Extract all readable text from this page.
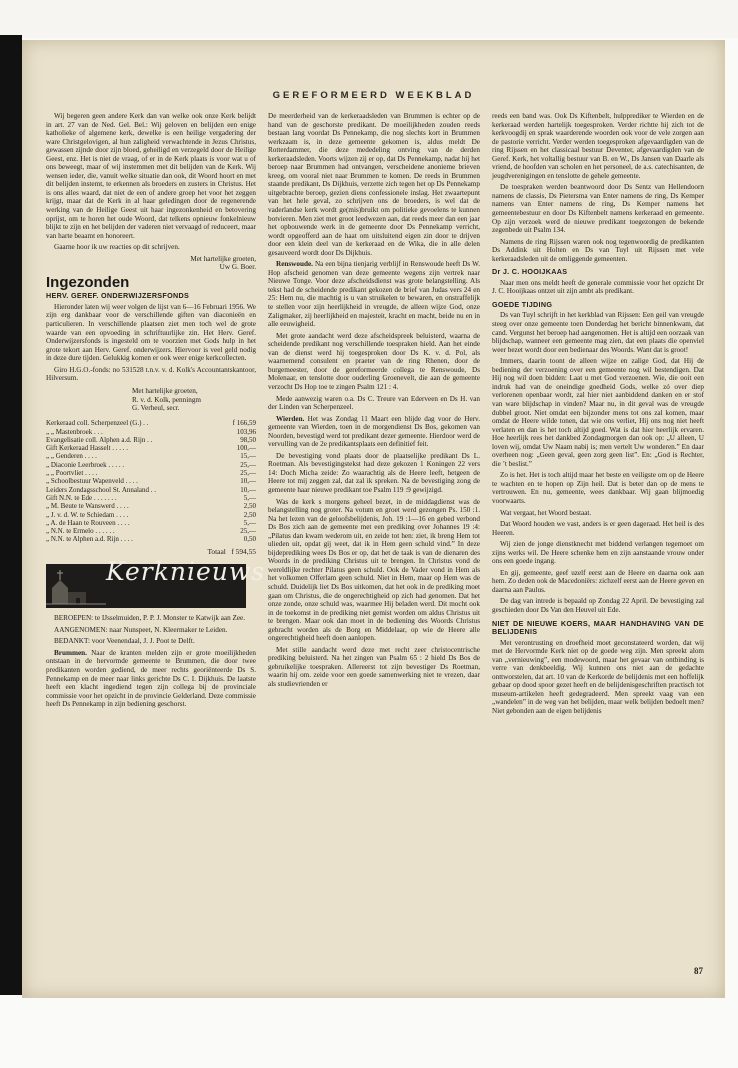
GEREFORMEERD WEEKBLAD

Wij begeren geen andere Kerk dan van welke ook onze Kerk belijdt in art. 27 van de Ned. Gel. Bel.: Wij geloven en belijden een enige katholieke of algemene kerk, dewelke is een heilige vergadering der ware Christgelovigen, al hun zaligheid verwachtende in Jezus Christus, gewassen zijnde door zijn bloed, geheiligd en verzegeld door de Heilige Geest, enz. Het is niet de vraag, of er in de Kerk plaats is voor wat u of ons beweegt, maar of wij instemmen met dit belijden van de Kerk. Wij wensen ieder, die, vanuit welke situatie dan ook, dit Woord hoort en met dit belijden instemt, te erkennen als broeders en zusters in Christus. Het is ons alles waard, dat niet de een of andere groep het voor het zeggen krijgt, maar dat de Kerk in al haar geledingen door de regenerende werking van de Heilige Geest uit haar ingezonkenheid en betovering oprijst, om te horen het oude Woord, dat telkens opnieuw fonkelnieuw blijkt te zijn en het belijden der vaderen niet vervaagd of reduceert, maar van harte beaamt en honoreert.

Gaarne hoor ik uw reacties op dit schrijven.

Met hartelijke groeten,
Uw G. Boer.
Ingezonden
HERV. GEREF. ONDERWIJZERSFONDS

Hieronder laten wij weer volgen de lijst van 6—16 Februari 1956. We zijn erg dankbaar voor de verschillende giften van diaconieën en particulieren. In verschillende plaatsen ziet men toch wel de grote waarde van een opvoeding in schriftuurlijke zin. Het Herv. Geref. Onderwijzersfonds is ingesteld om te voorzien met Gods hulp in het grote tekort aan Herv. Geref. onderwijzers. Hiervoor is veel geld nodig in deze dure tijden. Gelukkig komen er ook weer enige kerkcollecten.

Giro H.G.O.-fonds: no 531528 t.n.v. v. d. Kolk's Accountantskantoor, Hilversum.

Met hartelijke groeten,
R. v. d. Kolk, penningm
G. Verheul, secr.
Kerkeraad coll. Scherpenzeel (G.) . .	f 166,59
„ „ Mastenbroek . . .	103,96
Evangelisatie coll. Alphen a.d. Rijn . .	98,50
Gift Kerkeraad Hasselt . . . . .	100,—
„ „ Genderen . . . .	15,—
„ Diaconie Leerbroek . . . . .	25,—
„ „ Poortvliet . . . .	25,—
„ Schoolbestuur Wapenveld . . . .	10,—
Leiders Zondagsschool St. Annaland . .	10,—
Gift N.N. te Ede . . . . . . .	5,—
„ M. Beute te Wanswerd . . . .	2,50
„ J. v. d. W. te Schiedam . . . .	2,50
„ A. de Haan te Rouveen . . . .	5,—
„ N.N. te Ermelo . . . . . .	25,—
„ N.N. te Alphen a.d. Rijn . . . .	0,50
Totaal f 594,55
Kerknieuws

BEROEPEN: te IJsselmuiden, P. P. J. Monster te Katwijk aan Zee.

AANGENOMEN: naar Nunspeet, N. Kleermaker te Leiden.

BEDANKT: voor Veenendaal, J. J. Poot te Delft.

Brummen. Naar de kranten melden zijn er grote moeilijkheden ontstaan in de hervormde gemeente te Brummen, die door twee predikanten worden gediend, de meer rechts georiënteerde Ds S. Pennekamp en de meer naar links gerichte Ds C. I. Dijkhuis. De laatste heeft een klacht ingediend tegen zijn collega bij de provinciale commissie voor het opzicht in de provincie Gelderland. Deze commissie heeft Ds Pennekamp in zijn bediening geschorst.

De meerderheid van de kerkeraadsleden van Brummen is echter op de hand van de geschorste predikant. De moeilijkheden zouden reeds bestaan lang voordat Ds Pennekamp, die nog slechts kort in Brummen werkzaam is, in deze gemeente gekomen is, aldus meldt De Rotterdammer, die deze mededeling ontving van de derden kerkeraadsleden. Voorts wijzen zij er op, dat Ds Pennekamp, nadat hij het beroep naar Brummen had ontvangen, verscheidene anonieme brieven kreeg, om vooral niet naar Brummen te komen. De reeds in Brummen staande predikant, Ds Dijkhuis, verzette zich tegen het op Ds Pennekamp uitgebrachte beroep, gezien diens confessionele inslag. Het zwaartepunt van het hele geval, zo schrijven ons de broeders, is wel dat de vaderlandse kerk wordt ge(mis)bruikt om politieke gevoelens te kunnen botvieren. Men ziet met groot leedwezen aan, dat reeds meer dan een jaar het opbouwende werk in de gemeente door Ds Pennekamp verricht, wordt opgeofferd aan de haat om uitsluitend eigen zin door te drijven door een klein deel van de kerkeraad en de Wika, die in alle delen gesauveerd wordt door Ds Dijkhuis.

Renswoude. Na een bijna tienjarig verblijf in Renswoude heeft Ds W. Hop afscheid genomen van deze gemeente wegens zijn vertrek naar Nieuwe Tonge. Voor deze afscheidsdienst was grote belangstelling. Als tekst had de scheidende predikant gekozen de brief van Judas vers 24 en 25: Hem nu, die machtig is u van struikelen te bewaren, en onstraffelijk te stellen voor zijn heerlijkheid in vreugde, de alleen wijze God, onze Zaligmaker, zij heerlijkheid en majesteit, kracht en macht, beide nu en in alle eeuwigheid.

Met grote aandacht werd deze afscheidspreek beluisterd, waarna de scheidende predikant nog verschillende toespraken hield. Aan het einde van de dienst werd hij toegesproken door Ds K. v. d. Pol, als waarnemend consulent en praeter van de ring Rhenen, door de burgemeester, door de gereformeerde collega te Renswoude, Ds Molenaar, en tenslotte door ouderling Groenevelt, die aan de gemeente verzocht Ds Hop toe te zingen Psalm 121 : 4.

Mede aanwezig waren o.a. Ds C. Treure van Ederveen en Ds H. van der Linden van Scherpenzeel.

Wierden. Het was Zondag 11 Maart een blijde dag voor de Herv. gemeente van Wierden, toen in de morgendienst Ds Bos, gekomen van Noorden, bevestigd werd tot predikant dezer gemeente. Hierdoor werd de vervulling van de 2e predikantsplaats een definitief feit.

De bevestiging vond plaats door de plaatselijke predikant Ds L. Roetman. Als bevestigingstekst had deze gekozen 1 Koningen 22 vers 14: Doch Micha zeide: Zo waarachtig als de Heere leeft, hetgeen de Heere tot mij zeggen zal, dat zal ik spreken. Na de bevestiging zong de gemeente haar nieuwe predikant toe Psalm 119 :9 gewijzigd.

Was de kerk s morgens geheel bezet, in de middagdienst was de belangstelling nog groter. Na votum en groet werd gezongen Ps. 150 :1. Na het lezen van de geloofsbelijdenis, Joh. 19 :1—16 en gebed verbond Ds Bos zich aan de gemeente met een prediking over Johannes 19 :4: „Pilatus dan kwam wederom uit, en zeide tot hen: ziet, ik breng Hem tot ulieden uit, opdat gij weet, dat ik in Hem geen schuld vind.” In deze bijdeprediking wees Ds Bos er op, dat het de taak is van de dienaren des Woords in de prediking Christus uit te brengen. In Christus vond de wereldlijke rechter Pilatus geen schuld. Ook de Vader vond in Hem als het volkomen Offerlam geen schuld. Niet in Hem, maar op Hem was de schuld. Duidelijk liet Ds Bos uitkomen, dat het ook in de prediking moet gaan om Christus, die de ongerechtigheid op zich had genomen. Dat het onze zonde, onze schuld was, waarmee Hij beladen werd. Dit mocht ook in de toekomst in de prediking niet gemist worden om aldus Christus uit te brengen. Maar ook dan moet in de bediening des Woords Christus gebracht worden als de Borg en Middelaar, op wie de Heere alle ongerechtigheid heeft doen aanlopen.

Met stille aandacht werd deze met recht zeer christocentrische prediking beluisterd. Na het zingen van Psalm 65 : 2 hield Ds Bos de gebruikelijke toespraken. Allereerst tot zijn bevestiger Ds Roetman, waarin hij om. zeide voor een goede samenwerking niet te vrezen, daar als studievrienden er

reeds een band was. Ook Ds Kiftenbelt, hulpprediker te Wierden en de kerkeraad werden hartelijk toegesproken. Verder richtte hij zich tot de kerkvoogdij en sprak waarderende woorden ook voor de vele zorgen aan de pastorie verricht. Verder werden toegesproken afgevaardigden van de ring Rijssen en het classicaal bestuur Deventer, afgevaardigden van de Geref. Kerk, het voltallig bestuur van B. en W., Ds Jansen van Daarle als vriend, de hoofden van scholen en het personeel, de a.s. catechisanten, de jeugdverenigingen en tenslotte de gehele gemeente.

De toespraken werden beantwoord door Ds Sentz van Hellendoorn namens de classis, Ds Pietersma van Enter namens de ring, Ds Kemper namens van Enter namens de ring, Ds Kemper namens het gemeentebestuur en door Ds Kiftenbelt namens kerkeraad en gemeente. Op zijn verzoek werd de nieuwe predikant toegezongen de bekende zegenbede uit Psalm 134.

Namens de ring Rijssen waren ook nog tegenwoordig de predikanten Ds Addink uit Holten en Ds van Tuyl uit Rijssen met vele kerkeraadsleden uit de omliggende gemeenten.

Dr J. C. HOOIJKAAS

Naar men ons meldt heeft de generale commissie voor het opzicht Dr J. C. Hooijkaas ontzet uit zijn ambt als predikant.

GOEDE TIJDING

Ds van Tuyl schrijft in het kerkblad van Rijssen: Een geil van vreugde steeg over onze gemeente toen Donderdag het bericht binnenkwam, dat cand. Vergunst het beroep had aangenomen. Het is altijd een oorzaak van blijdschap, wanneer een gemeente mag zien, dat een plaats die openviel weer bezet wordt door een bedienaar des Woords. Want dat is groot!

Immers, daarin toont de alleen wijze en zalige God, dat Hij de bediening der verzoening over een gemeente nog wil bestendigen. Dat Hij nog wil doen bidden: Laat u met God verzoenen. Wie, die ooit een indruk had van de oneindige goedheid Gods, welke zó over diep verlorenen openbaar wordt, zal hier niet aanbiddend danken en er stof van ware blijdschap in vinden? Maar nu, in dit geval was de vreugde dubbel groot. Niet omdat een bijzonder mens tot ons zal komen, maar omdat de Heere wilde tonen, dat wie ons verliet, Hij ons nog niet heeft verlaten en dan is het toch altijd goed. Wat is dat hier heerlijk ervaren. Hoe heerlijk rees het dankbed Zondagmorgen dan ook op: „U alleen, U loven wij, omdat Uw Naam nabij is; men vertelt Uw wonderen.” En daar overheen nog: „Geen geval, geen zorg geen list”. En: „God is Rechter, die ’t beslist.”

Zo is het. Het is toch altijd maar het beste en veiligste om op de Heere te wachten en te hopen op Zijn heil. Dat is beter dan op de mens te vertrouwen. En nu, gemeente, wees dankbaar. Wij gaan blijmoedig voorwaarts.

Wat vergaat, het Woord bestaat.

Dat Woord houden we vast, anders is er geen dageraad. Het heil is des Heeren.

Wij zien de jonge dienstknecht met biddend verlangen tegemoet om zijns werks wil. De Heere schenke hem en zijn aanstaande vrouw onder ons een goede ingang.

En gij, gemeente, geef uzelf eerst aan de Heere en daarna ook aan hem. Zo deden ook de Macedoniërs: zichzelf eerst aan de Heere geven en daarna aan Paulus.

De dag van intrede is bepaald op Zondag 22 April. De bevestiging zal geschieden door Ds Van den Heuvel uit Ede.

NIET DE NIEUWE KOERS, MAAR HANDHAVING VAN DE BELIJDENIS

Met verontrusting en droefheid moet geconstateerd worden, dat wij met de Hervormde Kerk niet op de goede weg zijn. Men spreekt alom van „vernieuwing”, een modewoord, maar het gevaar van ontbinding is verre van denkbeeldig. Wij kunnen ons niet aan de gedachte onttworstelen, dat art. 10 van de Kerkorde de belijdenis met een hoffelijk gebaar op dood spoor gezet heeft en de belijdenisgeschriften practisch tot museum-artikelen heeft gedegradeerd. Men spreekt vaag van een „wandelen” in de weg van het belijden, maar welk belijden bedoelt men? Niet gebonden aan de eigen belijdenis

87
